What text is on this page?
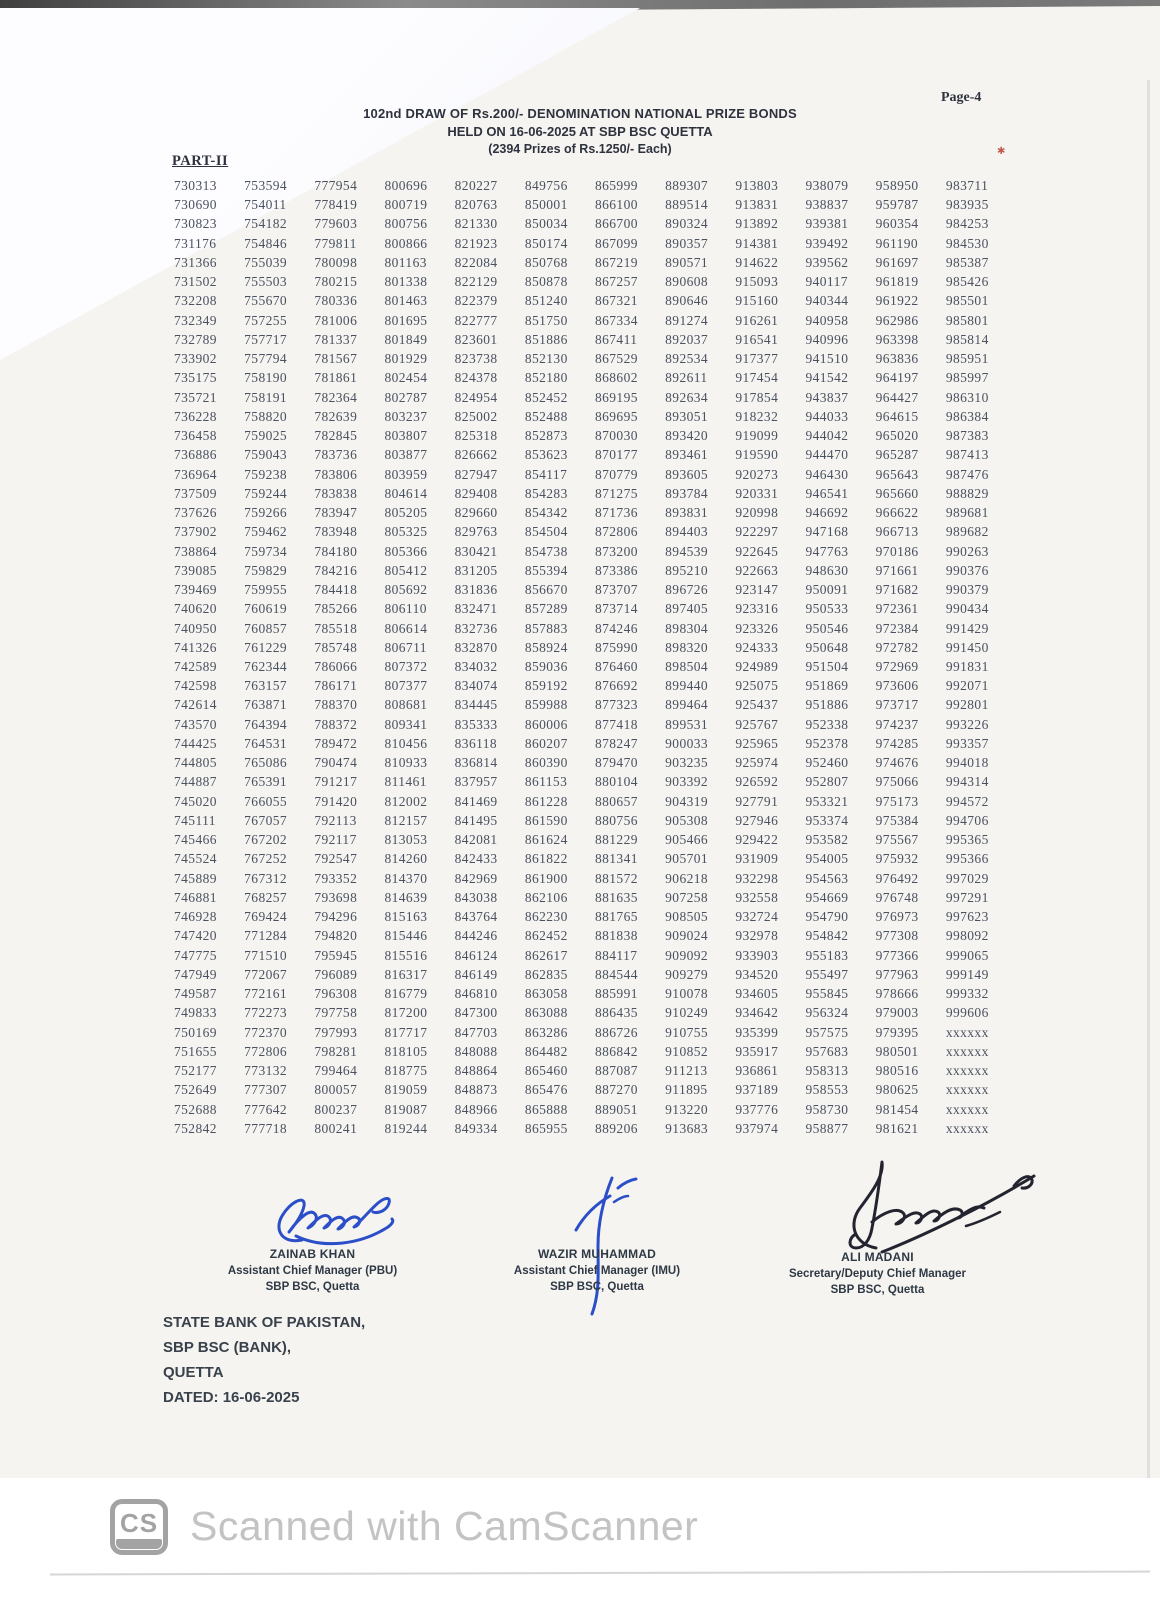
✱
Page-4
102nd DRAW OF Rs.200/- DENOMINATION NATIONAL PRIZE BONDS
HELD ON 16-06-2025 AT SBP BSC QUETTA
(2394 Prizes of Rs.1250/- Each)
PART-II
730313	753594	777954	800696	820227	849756	865999	889307	913803	938079	958950	983711
730690	754011	778419	800719	820763	850001	866100	889514	913831	938837	959787	983935
730823	754182	779603	800756	821330	850034	866700	890324	913892	939381	960354	984253
731176	754846	779811	800866	821923	850174	867099	890357	914381	939492	961190	984530
731366	755039	780098	801163	822084	850768	867219	890571	914622	939562	961697	985387
731502	755503	780215	801338	822129	850878	867257	890608	915093	940117	961819	985426
732208	755670	780336	801463	822379	851240	867321	890646	915160	940344	961922	985501
732349	757255	781006	801695	822777	851750	867334	891274	916261	940958	962986	985801
732789	757717	781337	801849	823601	851886	867411	892037	916541	940996	963398	985814
733902	757794	781567	801929	823738	852130	867529	892534	917377	941510	963836	985951
735175	758190	781861	802454	824378	852180	868602	892611	917454	941542	964197	985997
735721	758191	782364	802787	824954	852452	869195	892634	917854	943837	964427	986310
736228	758820	782639	803237	825002	852488	869695	893051	918232	944033	964615	986384
736458	759025	782845	803807	825318	852873	870030	893420	919099	944042	965020	987383
736886	759043	783736	803877	826662	853623	870177	893461	919590	944470	965287	987413
736964	759238	783806	803959	827947	854117	870779	893605	920273	946430	965643	987476
737509	759244	783838	804614	829408	854283	871275	893784	920331	946541	965660	988829
737626	759266	783947	805205	829660	854342	871736	893831	920998	946692	966622	989681
737902	759462	783948	805325	829763	854504	872806	894403	922297	947168	966713	989682
738864	759734	784180	805366	830421	854738	873200	894539	922645	947763	970186	990263
739085	759829	784216	805412	831205	855394	873386	895210	922663	948630	971661	990376
739469	759955	784418	805692	831836	856670	873707	896726	923147	950091	971682	990379
740620	760619	785266	806110	832471	857289	873714	897405	923316	950533	972361	990434
740950	760857	785518	806614	832736	857883	874246	898304	923326	950546	972384	991429
741326	761229	785748	806711	832870	858924	875990	898320	924333	950648	972782	991450
742589	762344	786066	807372	834032	859036	876460	898504	924989	951504	972969	991831
742598	763157	786171	807377	834074	859192	876692	899440	925075	951869	973606	992071
742614	763871	788370	808681	834445	859988	877323	899464	925437	951886	973717	992801
743570	764394	788372	809341	835333	860006	877418	899531	925767	952338	974237	993226
744425	764531	789472	810456	836118	860207	878247	900033	925965	952378	974285	993357
744805	765086	790474	810933	836814	860390	879470	903235	925974	952460	974676	994018
744887	765391	791217	811461	837957	861153	880104	903392	926592	952807	975066	994314
745020	766055	791420	812002	841469	861228	880657	904319	927791	953321	975173	994572
745111	767057	792113	812157	841495	861590	880756	905308	927946	953374	975384	994706
745466	767202	792117	813053	842081	861624	881229	905466	929422	953582	975567	995365
745524	767252	792547	814260	842433	861822	881341	905701	931909	954005	975932	995366
745889	767312	793352	814370	842969	861900	881572	906218	932298	954563	976492	997029
746881	768257	793698	814639	843038	862106	881635	907258	932558	954669	976748	997291
746928	769424	794296	815163	843764	862230	881765	908505	932724	954790	976973	997623
747420	771284	794820	815446	844246	862452	881838	909024	932978	954842	977308	998092
747775	771510	795945	815516	846124	862617	884117	909092	933903	955183	977366	999065
747949	772067	796089	816317	846149	862835	884544	909279	934520	955497	977963	999149
749587	772161	796308	816779	846810	863058	885991	910078	934605	955845	978666	999332
749833	772273	797758	817200	847300	863088	886435	910249	934642	956324	979003	999606
750169	772370	797993	817717	847703	863286	886726	910755	935399	957575	979395	xxxxxx
751655	772806	798281	818105	848088	864482	886842	910852	935917	957683	980501	xxxxxx
752177	773132	799464	818775	848864	865460	887087	911213	936861	958313	980516	xxxxxx
752649	777307	800057	819059	848873	865476	887270	911895	937189	958553	980625	xxxxxx
752688	777642	800237	819087	848966	865888	889051	913220	937776	958730	981454	xxxxxx
752842	777718	800241	819244	849334	865955	889206	913683	937974	958877	981621	xxxxxx
ZAINAB KHAN
Assistant Chief Manager (PBU)
SBP BSC, Quetta
WAZIR MUHAMMAD
Assistant Chief Manager (IMU)
SBP BSC, Quetta
ALI MADANI
Secretary/Deputy Chief Manager
SBP BSC, Quetta
STATE BANK OF PAKISTAN,
SBP BSC (BANK),
QUETTA
DATED: 16-06-2025
CS Scanned with CamScanner
